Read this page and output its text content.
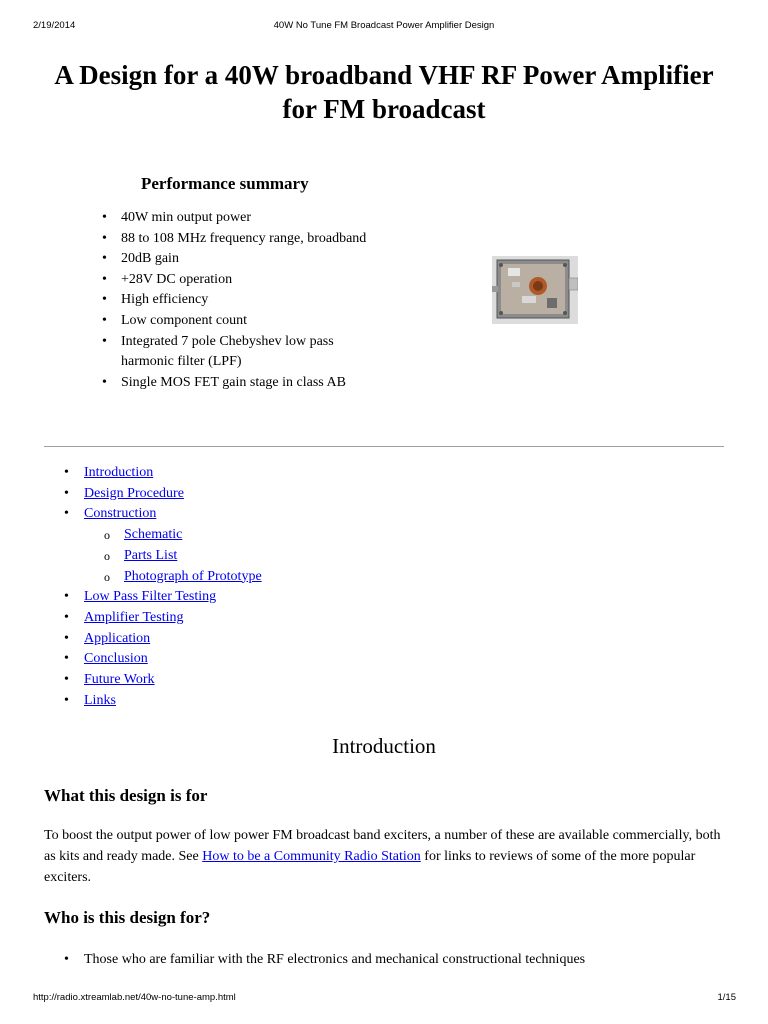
2/19/2014	40W No Tune FM Broadcast Power Amplifier Design
A Design for a 40W broadband VHF RF Power Amplifier for FM broadcast
Performance summary
• 40W min output power
• 88 to 108 MHz frequency range, broadband
• 20dB gain
• +28V DC operation
• High efficiency
• Low component count
• Integrated 7 pole Chebyshev low pass harmonic filter (LPF)
• Single MOS FET gain stage in class AB
• Introduction
• Design Procedure
• Construction
o Schematic
o Parts List
o Photograph of Prototype
• Low Pass Filter Testing
• Amplifier Testing
• Application
• Conclusion
• Future Work
• Links
Introduction
What this design is for

To boost the output power of low power FM broadcast band exciters, a number of these are available commercially, both as kits and ready made. See How to be a Community Radio Station for links to reviews of some of the more popular exciters.

Who is this design for?
• Those who are familiar with the RF electronics and mechanical constructional techniques
http://radio.xtreamlab.net/40w-no-tune-amp.html	1/15
